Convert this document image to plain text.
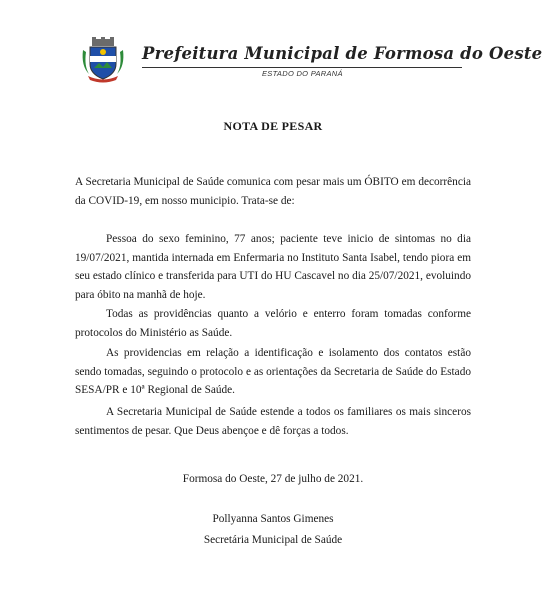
Prefeitura Municipal de Formosa do Oeste
ESTADO DO PARANÁ
NOTA DE PESAR

A Secretaria Municipal de Saúde comunica com pesar mais um ÓBITO em decorrência da COVID-19, em nosso municipio. Trata-se de:

Pessoa do sexo feminino, 77 anos; paciente teve inicio de sintomas no dia 19/07/2021, mantida internada em Enfermaria no Instituto Santa Isabel, tendo piora em seu estado clínico e transferida para UTI do HU Cascavel no dia 25/07/2021, evoluindo para óbito na manhã de hoje.

Todas as providências quanto a velório e enterro foram tomadas conforme protocolos do Ministério as Saúde.

As providencias em relação a identificação e isolamento dos contatos estão sendo tomadas, seguindo o protocolo e as orientações da Secretaria de Saúde do Estado SESA/PR e 10ª Regional de Saúde.

A Secretaria Municipal de Saúde estende a todos os familiares os mais sinceros sentimentos de pesar. Que Deus abençoe e dê forças a todos.

Formosa do Oeste, 27 de julho de 2021.

Pollyanna Santos Gimenes

Secretária Municipal de Saúde
